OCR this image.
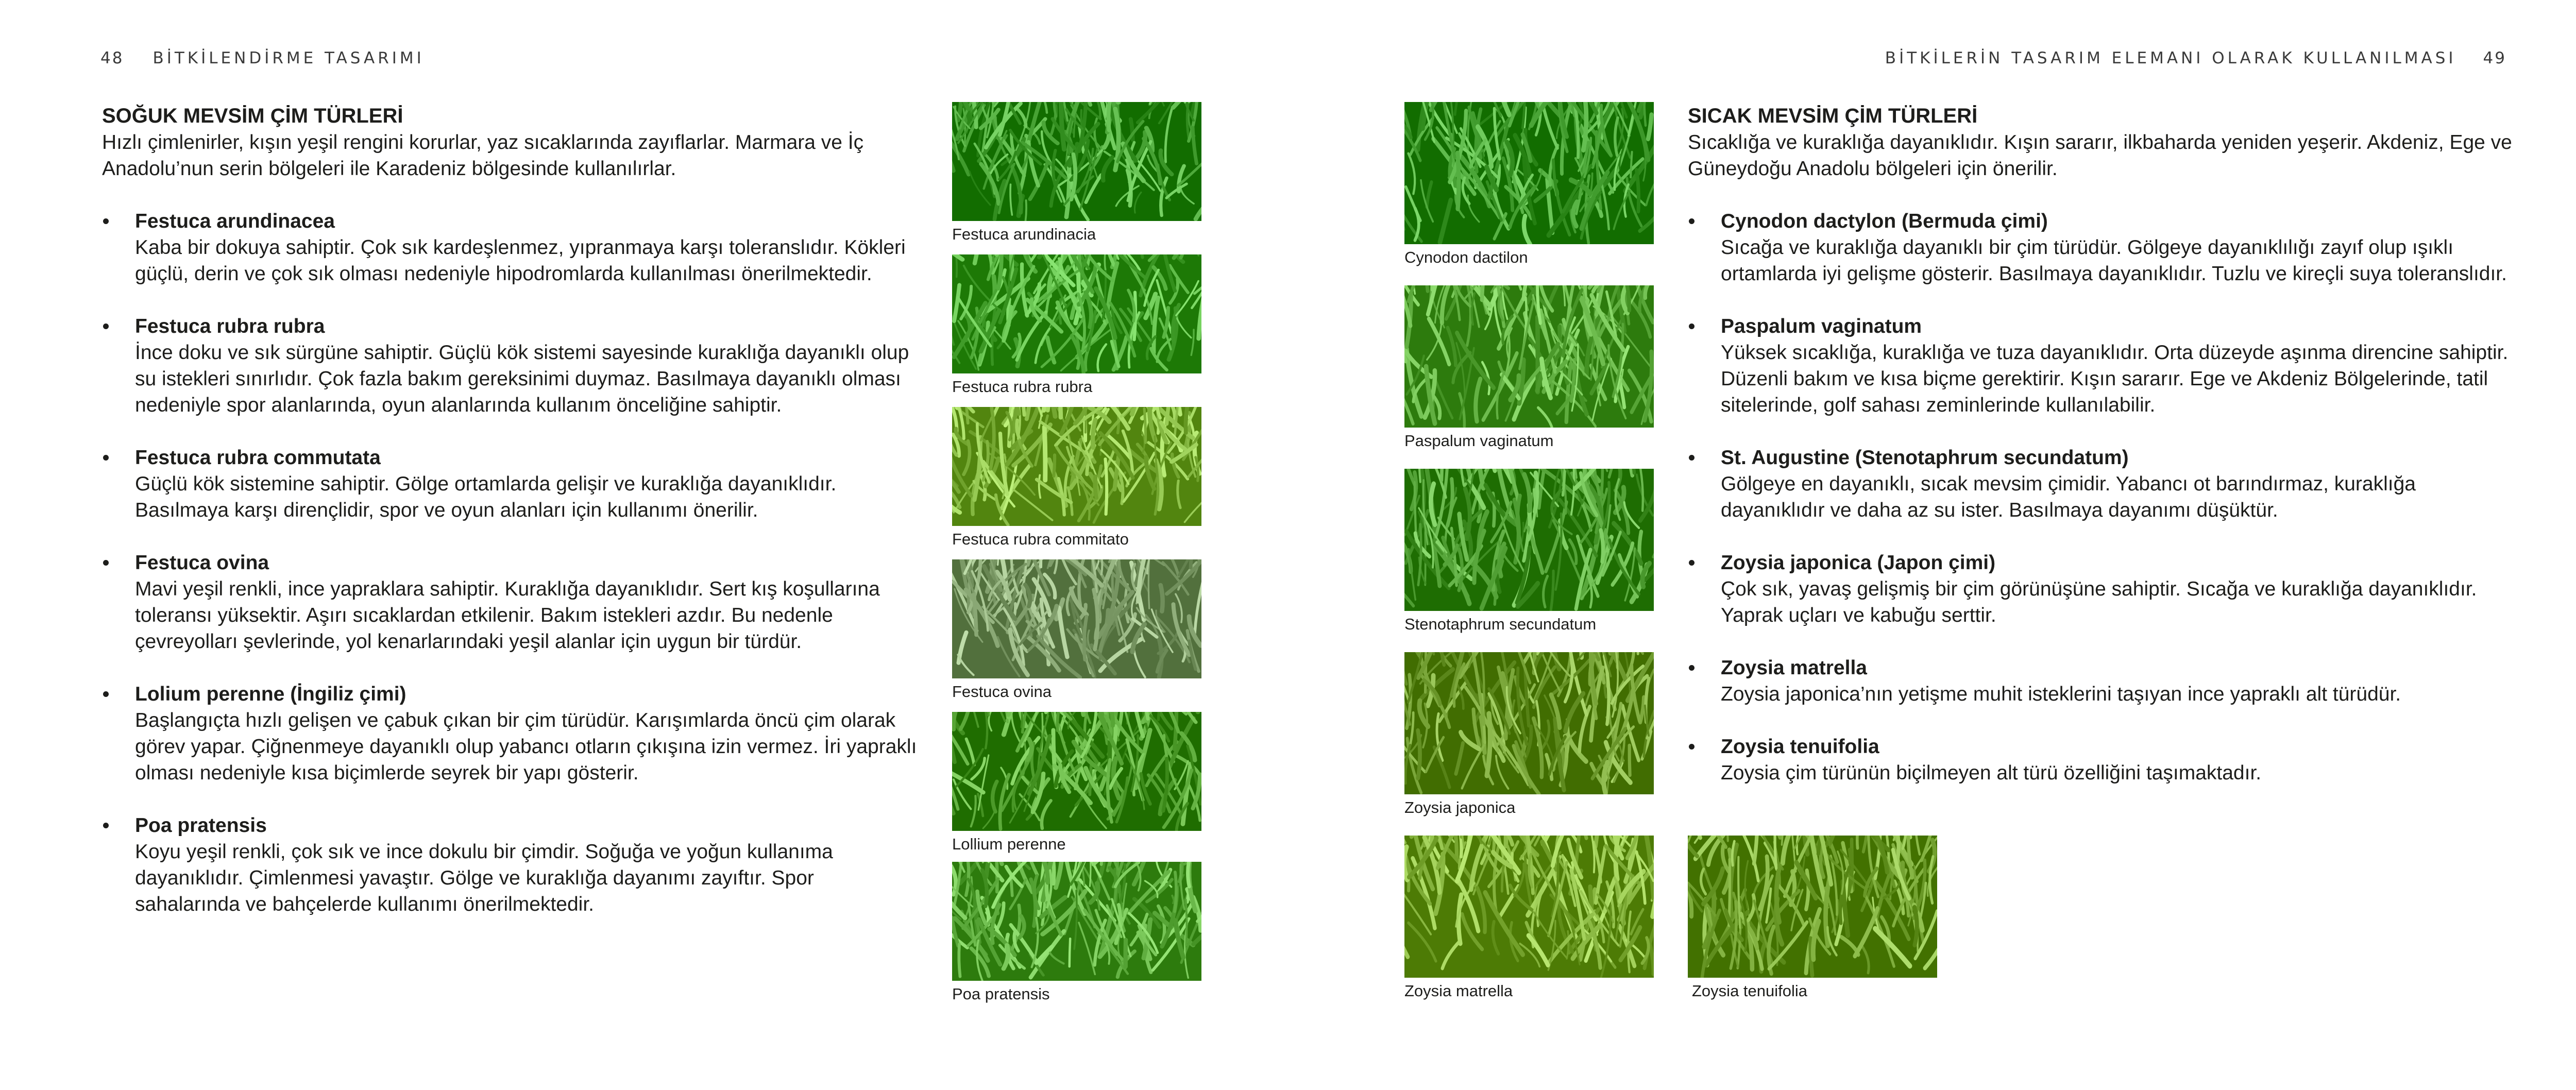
48 BİTKİLENDİRME TASARIMI	BİTKİLERİN TASARIM ELEMANI OLARAK KULLANILMASI 49
SOĞUK MEVSİM ÇİM TÜRLERİ

Hızlı çimlenirler, kışın yeşil rengini korurlar, yaz sıcaklarında zayıflarlar. Marmara ve İç Anadolu’nun serin bölgeleri ile Karadeniz bölgesinde kullanılırlar.

Festuca arundinacea
Kaba bir dokuya sahiptir. Çok sık kardeşlenmez, yıpranmaya karşı toleranslıdır. Kökleri güçlü, derin ve çok sık olması nedeniyle hipodromlarda kullanılması önerilmektedir.
Festuca rubra rubra
İnce doku ve sık sürgüne sahiptir. Güçlü kök sistemi sayesinde kuraklığa dayanıklı olup su istekleri sınırlıdır. Çok fazla bakım gereksinimi duymaz. Basılmaya dayanıklı olması nedeniyle spor alanlarında, oyun alanlarında kullanım önceliğine sahiptir.
Festuca rubra commutata
Güçlü kök sistemine sahiptir. Gölge ortamlarda gelişir ve kuraklığa dayanıklıdır. Basılmaya karşı dirençlidir, spor ve oyun alanları için kullanımı önerilir.
Festuca ovina
Mavi yeşil renkli, ince yapraklara sahiptir. Kuraklığa dayanıklıdır. Sert kış koşullarına toleransı yüksektir. Aşırı sıcaklardan etkilenir. Bakım istekleri azdır. Bu nedenle çevreyolları şevlerinde, yol kenarlarındaki yeşil alanlar için uygun bir türdür.
Lolium perenne (İngiliz çimi)
Başlangıçta hızlı gelişen ve çabuk çıkan bir çim türüdür. Karışımlarda öncü çim olarak görev yapar. Çiğnenmeye dayanıklı olup yabancı otların çıkışına izin vermez. İri yapraklı olması nedeniyle kısa biçimlerde seyrek bir yapı gösterir.
Poa pratensis
Koyu yeşil renkli, çok sık ve ince dokulu bir çimdir. Soğuğa ve yoğun kullanıma dayanıklıdır. Çimlenmesi yavaştır. Gölge ve kuraklığa dayanımı zayıftır. Spor sahalarında ve bahçelerde kullanımı önerilmektedir.
Festuca arundinacia
Festuca rubra rubra
Festuca rubra commitato
Festuca ovina
Lollium perenne
Poa pratensis
Cynodon dactilon
Paspalum vaginatum
Stenotaphrum secundatum
Zoysia japonica
Zoysia matrella	Zoysia tenuifolia
SICAK MEVSİM ÇİM TÜRLERİ

Sıcaklığa ve kuraklığa dayanıklıdır. Kışın sararır, ilkbaharda yeniden yeşerir. Akdeniz, Ege ve Güneydoğu Anadolu bölgeleri için önerilir.

Cynodon dactylon (Bermuda çimi)
Sıcağa ve kuraklığa dayanıklı bir çim türüdür. Gölgeye dayanıklılığı zayıf olup ışıklı ortamlarda iyi gelişme gösterir. Basılmaya dayanıklıdır. Tuzlu ve kireçli suya toleranslıdır.
Paspalum vaginatum
Yüksek sıcaklığa, kuraklığa ve tuza dayanıklıdır. Orta düzeyde aşınma direncine sahiptir. Düzenli bakım ve kısa biçme gerektirir. Kışın sararır. Ege ve Akdeniz Bölgelerinde, tatil sitelerinde, golf sahası zeminlerinde kullanılabilir.
St. Augustine (Stenotaphrum secundatum)
Gölgeye en dayanıklı, sıcak mevsim çimidir. Yabancı ot barındırmaz, kuraklığa dayanıklıdır ve daha az su ister. Basılmaya dayanımı düşüktür.
Zoysia japonica (Japon çimi)
Çok sık, yavaş gelişmiş bir çim görünüşüne sahiptir. Sıcağa ve kuraklığa dayanıklıdır. Yaprak uçları ve kabuğu serttir.
Zoysia matrella
Zoysia japonica’nın yetişme muhit isteklerini taşıyan ince yapraklı alt türüdür.
Zoysia tenuifolia
Zoysia çim türünün biçilmeyen alt türü özelliğini taşımaktadır.
